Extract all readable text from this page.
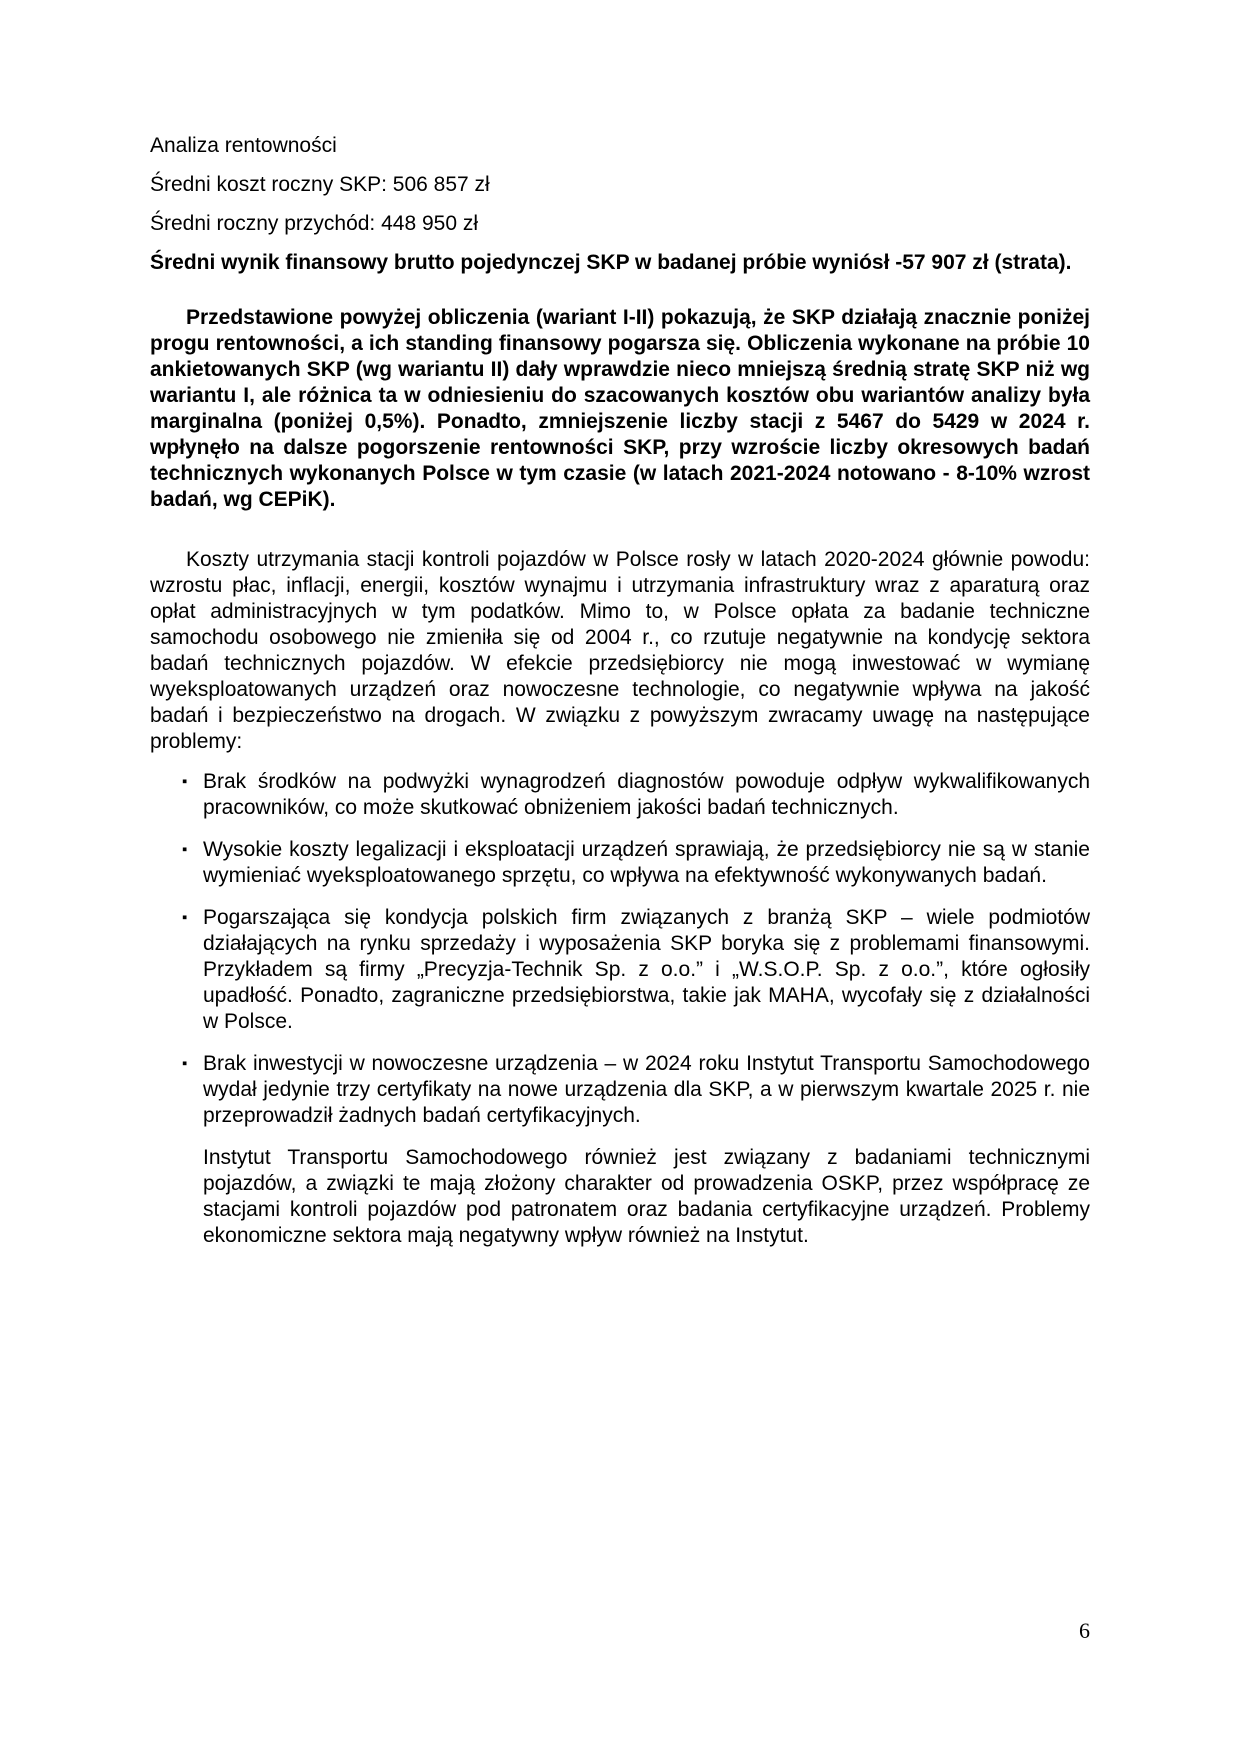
Analiza rentowności

Średni koszt roczny SKP: 506 857 zł

Średni roczny przychód: 448 950 zł

Średni wynik finansowy brutto pojedynczej SKP w badanej próbie wyniósł -57 907 zł (strata).

Przedstawione powyżej obliczenia (wariant I-II) pokazują, że SKP działają znacznie poniżej progu rentowności, a ich standing finansowy pogarsza się. Obliczenia wykonane na próbie 10 ankietowanych SKP (wg wariantu II) dały wprawdzie nieco mniejszą średnią stratę SKP niż wg wariantu I, ale różnica ta w odniesieniu do szacowanych kosztów obu wariantów analizy była marginalna (poniżej 0,5%). Ponadto, zmniejszenie liczby stacji z 5467 do 5429 w 2024 r. wpłynęło na dalsze pogorszenie rentowności SKP, przy wzroście liczby okresowych badań technicznych wykonanych Polsce w tym czasie (w latach 2021-2024 notowano - 8-10% wzrost badań, wg CEPiK).

Koszty utrzymania stacji kontroli pojazdów w Polsce rosły w latach 2020-2024 głównie powodu: wzrostu płac, inflacji, energii, kosztów wynajmu i utrzymania infrastruktury wraz z aparaturą oraz opłat administracyjnych w tym podatków. Mimo to, w Polsce opłata za badanie techniczne samochodu osobowego nie zmieniła się od 2004 r., co rzutuje negatywnie na kondycję sektora badań technicznych pojazdów. W efekcie przedsiębiorcy nie mogą inwestować w wymianę wyeksploatowanych urządzeń oraz nowoczesne technologie, co negatywnie wpływa na jakość badań i bezpieczeństwo na drogach. W związku z powyższym zwracamy uwagę na następujące problemy:

▪ Brak środków na podwyżki wynagrodzeń diagnostów powoduje odpływ wykwalifikowanych pracowników, co może skutkować obniżeniem jakości badań technicznych.
▪ Wysokie koszty legalizacji i eksploatacji urządzeń sprawiają, że przedsiębiorcy nie są w stanie wymieniać wyeksploatowanego sprzętu, co wpływa na efektywność wykonywanych badań.
▪ Pogarszająca się kondycja polskich firm związanych z branżą SKP – wiele podmiotów działających na rynku sprzedaży i wyposażenia SKP boryka się z problemami finansowymi. Przykładem są firmy „Precyzja-Technik Sp. z o.o.” i „W.S.O.P. Sp. z o.o.”, które ogłosiły upadłość. Ponadto, zagraniczne przedsiębiorstwa, takie jak MAHA, wycofały się z działalności w Polsce.
▪ Brak inwestycji w nowoczesne urządzenia – w 2024 roku Instytut Transportu Samochodowego wydał jedynie trzy certyfikaty na nowe urządzenia dla SKP, a w pierwszym kwartale 2025 r. nie przeprowadził żadnych badań certyfikacyjnych.

Instytut Transportu Samochodowego również jest związany z badaniami technicznymi pojazdów, a związki te mają złożony charakter od prowadzenia OSKP, przez współpracę ze stacjami kontroli pojazdów pod patronatem oraz badania certyfikacyjne urządzeń. Problemy ekonomiczne sektora mają negatywny wpływ również na Instytut.

6
